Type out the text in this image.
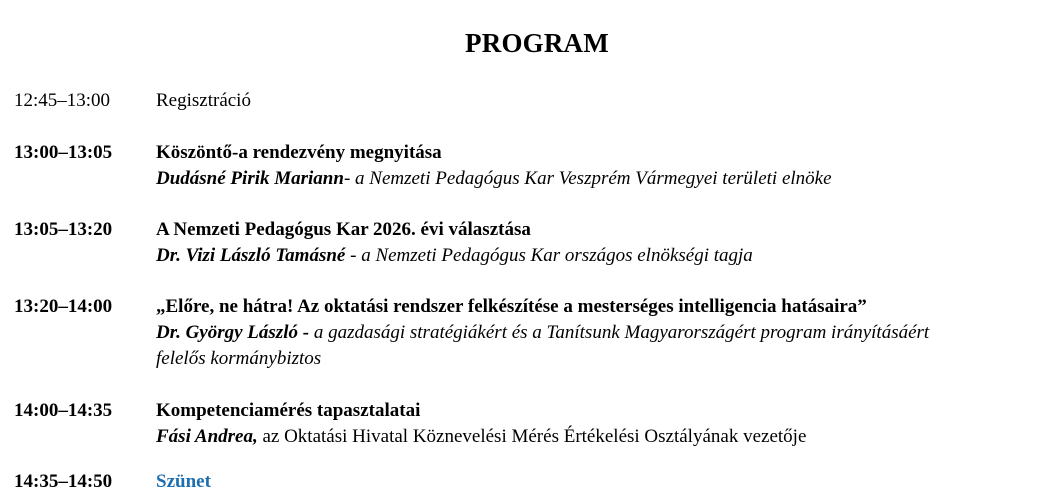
PROGRAM
12:45–13:00 Regisztráció
13:00–13:05 Köszöntő-a rendezvény megnyitása
Dudásné Pirik Mariann- a Nemzeti Pedagógus Kar Veszprém Vármegyei területi elnöke
13:05–13:20 A Nemzeti Pedagógus Kar 2026. évi választása
Dr. Vizi László Tamásné - a Nemzeti Pedagógus Kar országos elnökségi tagja
13:20–14:00 „Előre, ne hátra! Az oktatási rendszer felkészítése a mesterséges intelligencia hatásaira”
Dr. György László - a gazdasági stratégiákért és a Tanítsunk Magyarországért program irányításáért felelős kormánybiztos
14:00–14:35 Kompetenciamérés tapasztalatai
Fási Andrea, az Oktatási Hivatal Köznevelési Mérés Értékelési Osztályának vezetője
14:35–14:50 Szünet
